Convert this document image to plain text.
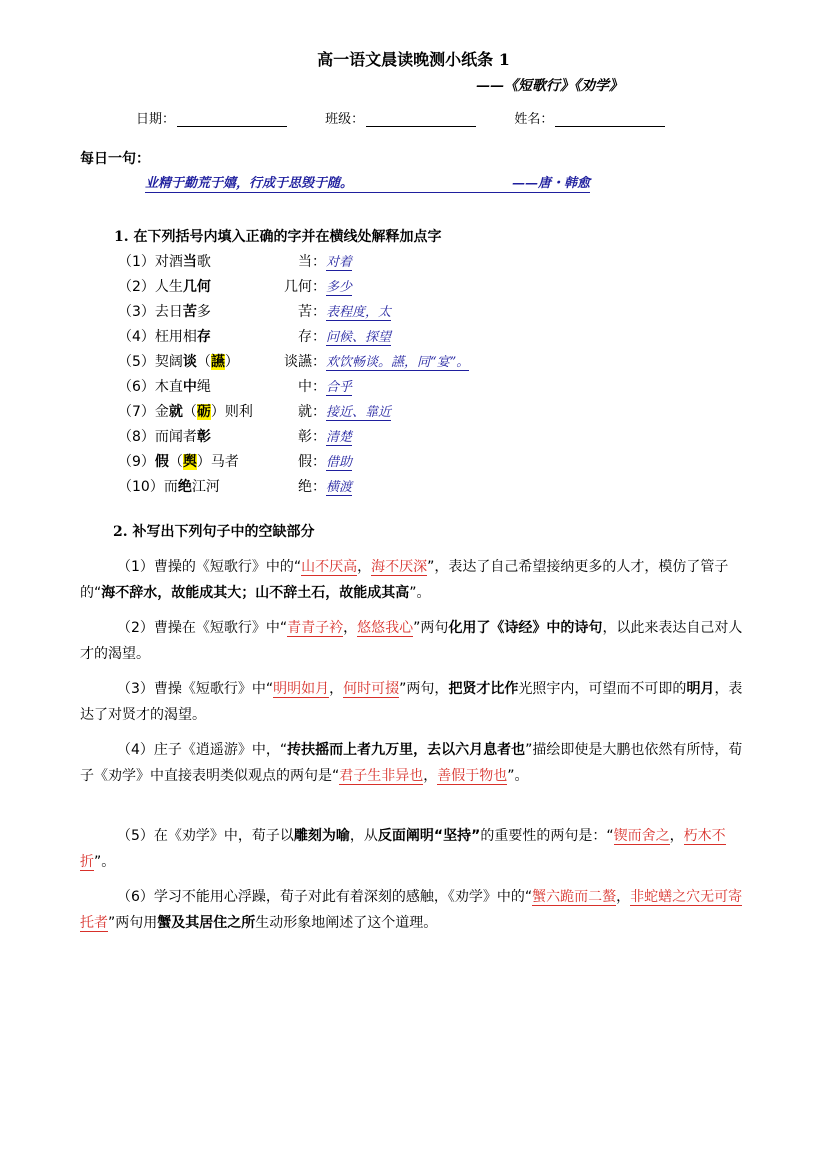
高一语文晨读晚测小纸条 1
——《短歌行》《劝学》
日期：	班级：	姓名：
每日一句：
业精于勤荒于嬉，行成于思毁于随。	——唐・韩愈
1. 在下列括号内填入正确的字并在横线处解释加点字
（1）对酒当歌	当：对着
（2）人生几何	几何：多少
（3）去日苦多	苦：表程度，太
（4）枉用相存	存：问候、探望
（5）契阔谈（讌）	谈讌：欢饮畅谈。讌，同“宴”。
（6）木直中绳	中：合乎
（7）金就（砺）则利	就：接近、靠近
（8）而闻者彰	彰：清楚
（9）假（舆）马者	假：借助
（10）而绝江河	绝：横渡
2. 补写出下列句子中的空缺部分
（1）曹操的《短歌行》中的“山不厌高，海不厌深”，表达了自己希望接纳更多的人才，模仿了管子的“海不辞水，故能成其大；山不辞土石，故能成其高”。
（2）曹操在《短歌行》中“青青子衿，悠悠我心”两句化用了《诗经》中的诗句，以此来表达自己对人才的渴望。
（3）曹操《短歌行》中“明明如月，何时可掇”两句，把贤才比作光照宇内，可望而不可即的明月，表达了对贤才的渴望。
（4）庄子《逍遥游》中，“抟扶摇而上者九万里，去以六月息者也”描绘即使是大鹏也依然有所恃，荀子《劝学》中直接表明类似观点的两句是“君子生非异也，善假于物也”。
（5）在《劝学》中，荀子以雕刻为喻，从反面阐明“坚持”的重要性的两句是：“锲而舍之，朽木不折”。
（6）学习不能用心浮躁，荀子对此有着深刻的感触，《劝学》中的“蟹六跪而二螯，非蛇蟮之穴无可寄托者”两句用蟹及其居住之所生动形象地阐述了这个道理。
